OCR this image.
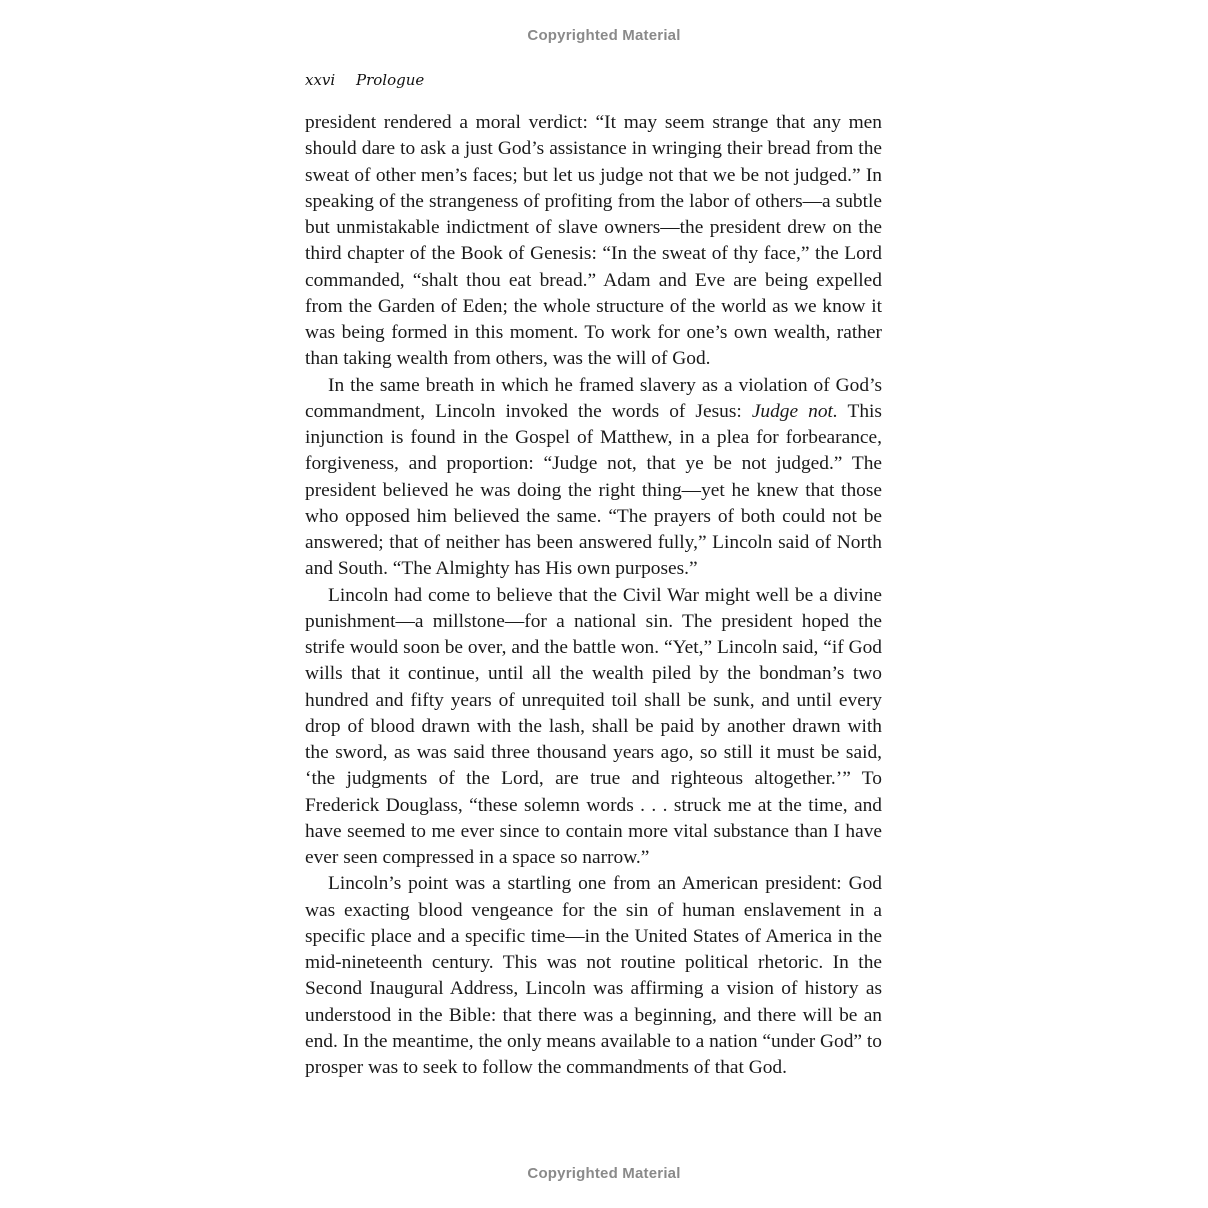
Copyrighted Material
xxvi Prologue

president rendered a moral verdict: “It may seem strange that any men should dare to ask a just God’s assistance in wringing their bread from the sweat of other men’s faces; but let us judge not that we be not judged.” In speaking of the strangeness of profiting from the labor of others—a subtle but unmistakable indictment of slave owners—the president drew on the third chapter of the Book of Genesis: “In the sweat of thy face,” the Lord commanded, “shalt thou eat bread.” Adam and Eve are being expelled from the Garden of Eden; the whole structure of the world as we know it was being formed in this moment. To work for one’s own wealth, rather than taking wealth from others, was the will of God.

In the same breath in which he framed slavery as a violation of God’s commandment, Lincoln invoked the words of Jesus: Judge not. This injunction is found in the Gospel of Matthew, in a plea for forbearance, forgiveness, and proportion: “Judge not, that ye be not judged.” The president believed he was doing the right thing—yet he knew that those who opposed him believed the same. “The prayers of both could not be answered; that of neither has been answered fully,” Lincoln said of North and South. “The Almighty has His own purposes.”

Lincoln had come to believe that the Civil War might well be a divine punishment—a millstone—for a national sin. The president hoped the strife would soon be over, and the battle won. “Yet,” Lincoln said, “if God wills that it continue, until all the wealth piled by the bondman’s two hundred and fifty years of unrequited toil shall be sunk, and until every drop of blood drawn with the lash, shall be paid by another drawn with the sword, as was said three thousand years ago, so still it must be said, ‘the judgments of the Lord, are true and righteous altogether.’” To Frederick Douglass, “these solemn words . . . struck me at the time, and have seemed to me ever since to contain more vital substance than I have ever seen compressed in a space so narrow.”

Lincoln’s point was a startling one from an American president: God was exacting blood vengeance for the sin of human enslavement in a specific place and a specific time—in the United States of America in the mid-nineteenth century. This was not routine political rhetoric. In the Second Inaugural Address, Lincoln was affirming a vision of history as understood in the Bible: that there was a beginning, and there will be an end. In the meantime, the only means available to a nation “under God” to prosper was to seek to follow the commandments of that God.

Copyrighted Material
